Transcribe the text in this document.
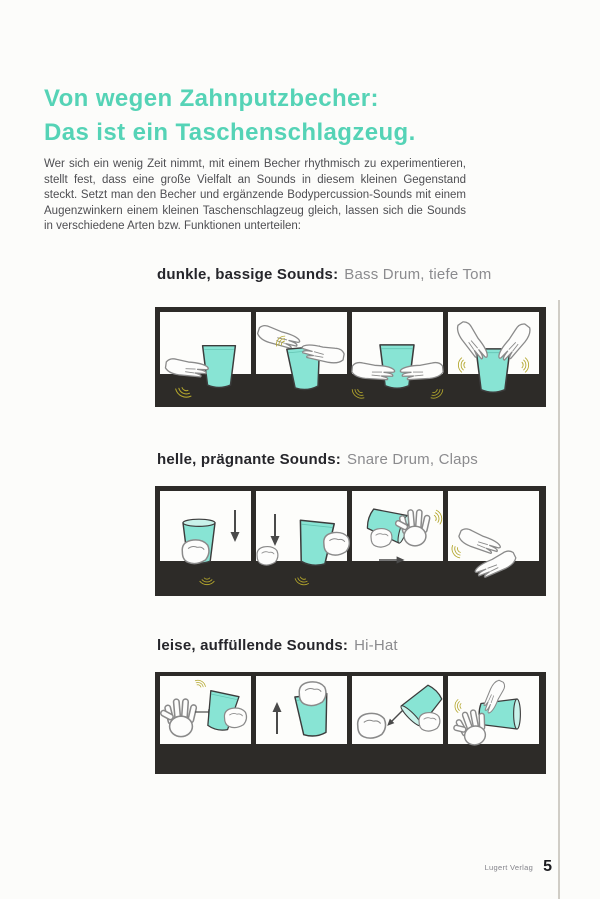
Von wegen Zahnputzbecher:
Das ist ein Taschenschlagzeug.
Wer sich ein wenig Zeit nimmt, mit einem Becher rhythmisch zu experimentieren, stellt fest, dass eine große Vielfalt an Sounds in diesem kleinen Gegenstand steckt. Setzt man den Becher und ergänzende Bodypercussion-Sounds mit einem Augenzwinkern einem kleinen Taschenschlagzeug gleich, lassen sich die Sounds in verschiedene Arten bzw. Funktionen unterteilen:
dunkle, bassige Sounds: Bass Drum, tiefe Tom
helle, prägnante Sounds: Snare Drum, Claps
leise, auffüllende Sounds: Hi-Hat
Lugert Verlag 5
